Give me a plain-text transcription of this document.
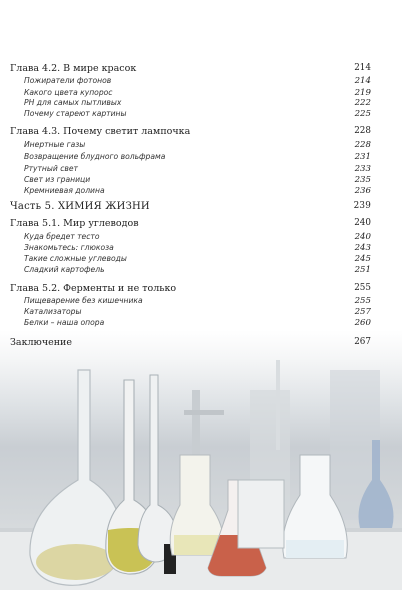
Глава 4.2. В мире красок	214
Пожиратели фотонов	214
Какого цвета купорос	219
PH для самых пытливых	222
Почему стареют картины	225
Глава 4.3. Почему светит лампочка	228
Инертные газы	228
Возвращение блудного вольфрама	231
Ртутный свет	233
Свет из граници	235
Кремниевая долина	236
Часть 5. ХИМИЯ ЖИЗНИ	239
Глава 5.1. Мир углеводов	240
Куда бредет тесто	240
Знакомьтесь: глюкоза	243
Такие сложные углеводы	245
Сладкий картофель	251
Глава 5.2. Ферменты и не только	255
Пищеварение без кишечника	255
Катализаторы	257
Белки – наша опора	260
Заключение	267
